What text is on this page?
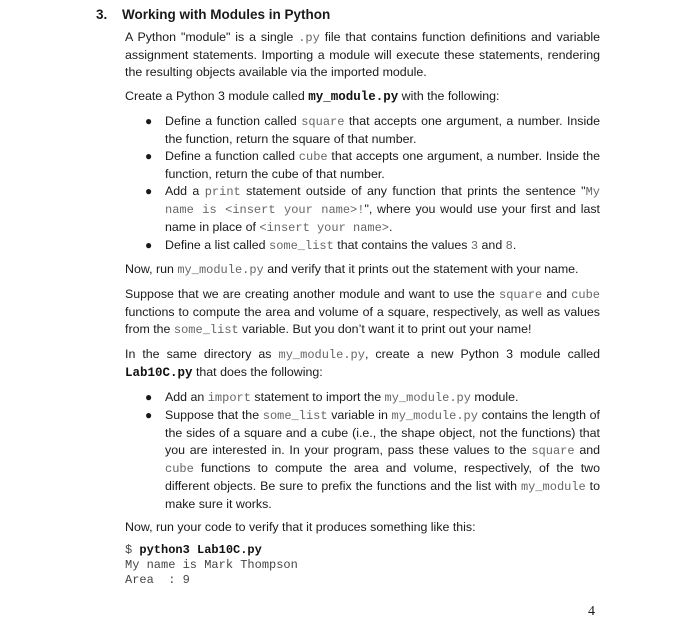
3. Working with Modules in Python

A Python "module" is a single .py file that contains function definitions and variable assignment statements. Importing a module will execute these statements, rendering the resulting objects available via the imported module.

Create a Python 3 module called my_module.py with the following:

● Define a function called square that accepts one argument, a number. Inside the function, return the square of that number.
● Define a function called cube that accepts one argument, a number. Inside the function, return the cube of that number.
● Add a print statement outside of any function that prints the sentence "My name is <insert your name>!", where you would use your first and last name in place of <insert your name>.
● Define a list called some_list that contains the values 3 and 8.

Now, run my_module.py and verify that it prints out the statement with your name.

Suppose that we are creating another module and want to use the square and cube functions to compute the area and volume of a square, respectively, as well as values from the some_list variable. But you don’t want it to print out your name!

In the same directory as my_module.py, create a new Python 3 module called Lab10C.py that does the following:

● Add an import statement to import the my_module.py module.
● Suppose that the some_list variable in my_module.py contains the length of the sides of a square and a cube (i.e., the shape object, not the functions) that you are interested in. In your program, pass these values to the square and cube functions to compute the area and volume, respectively, of the two different objects. Be sure to prefix the functions and the list with my_module to make sure it works.

Now, run your code to verify that it produces something like this:

$ python3 Lab10C.py
My name is Mark Thompson
Area  : 9
4
